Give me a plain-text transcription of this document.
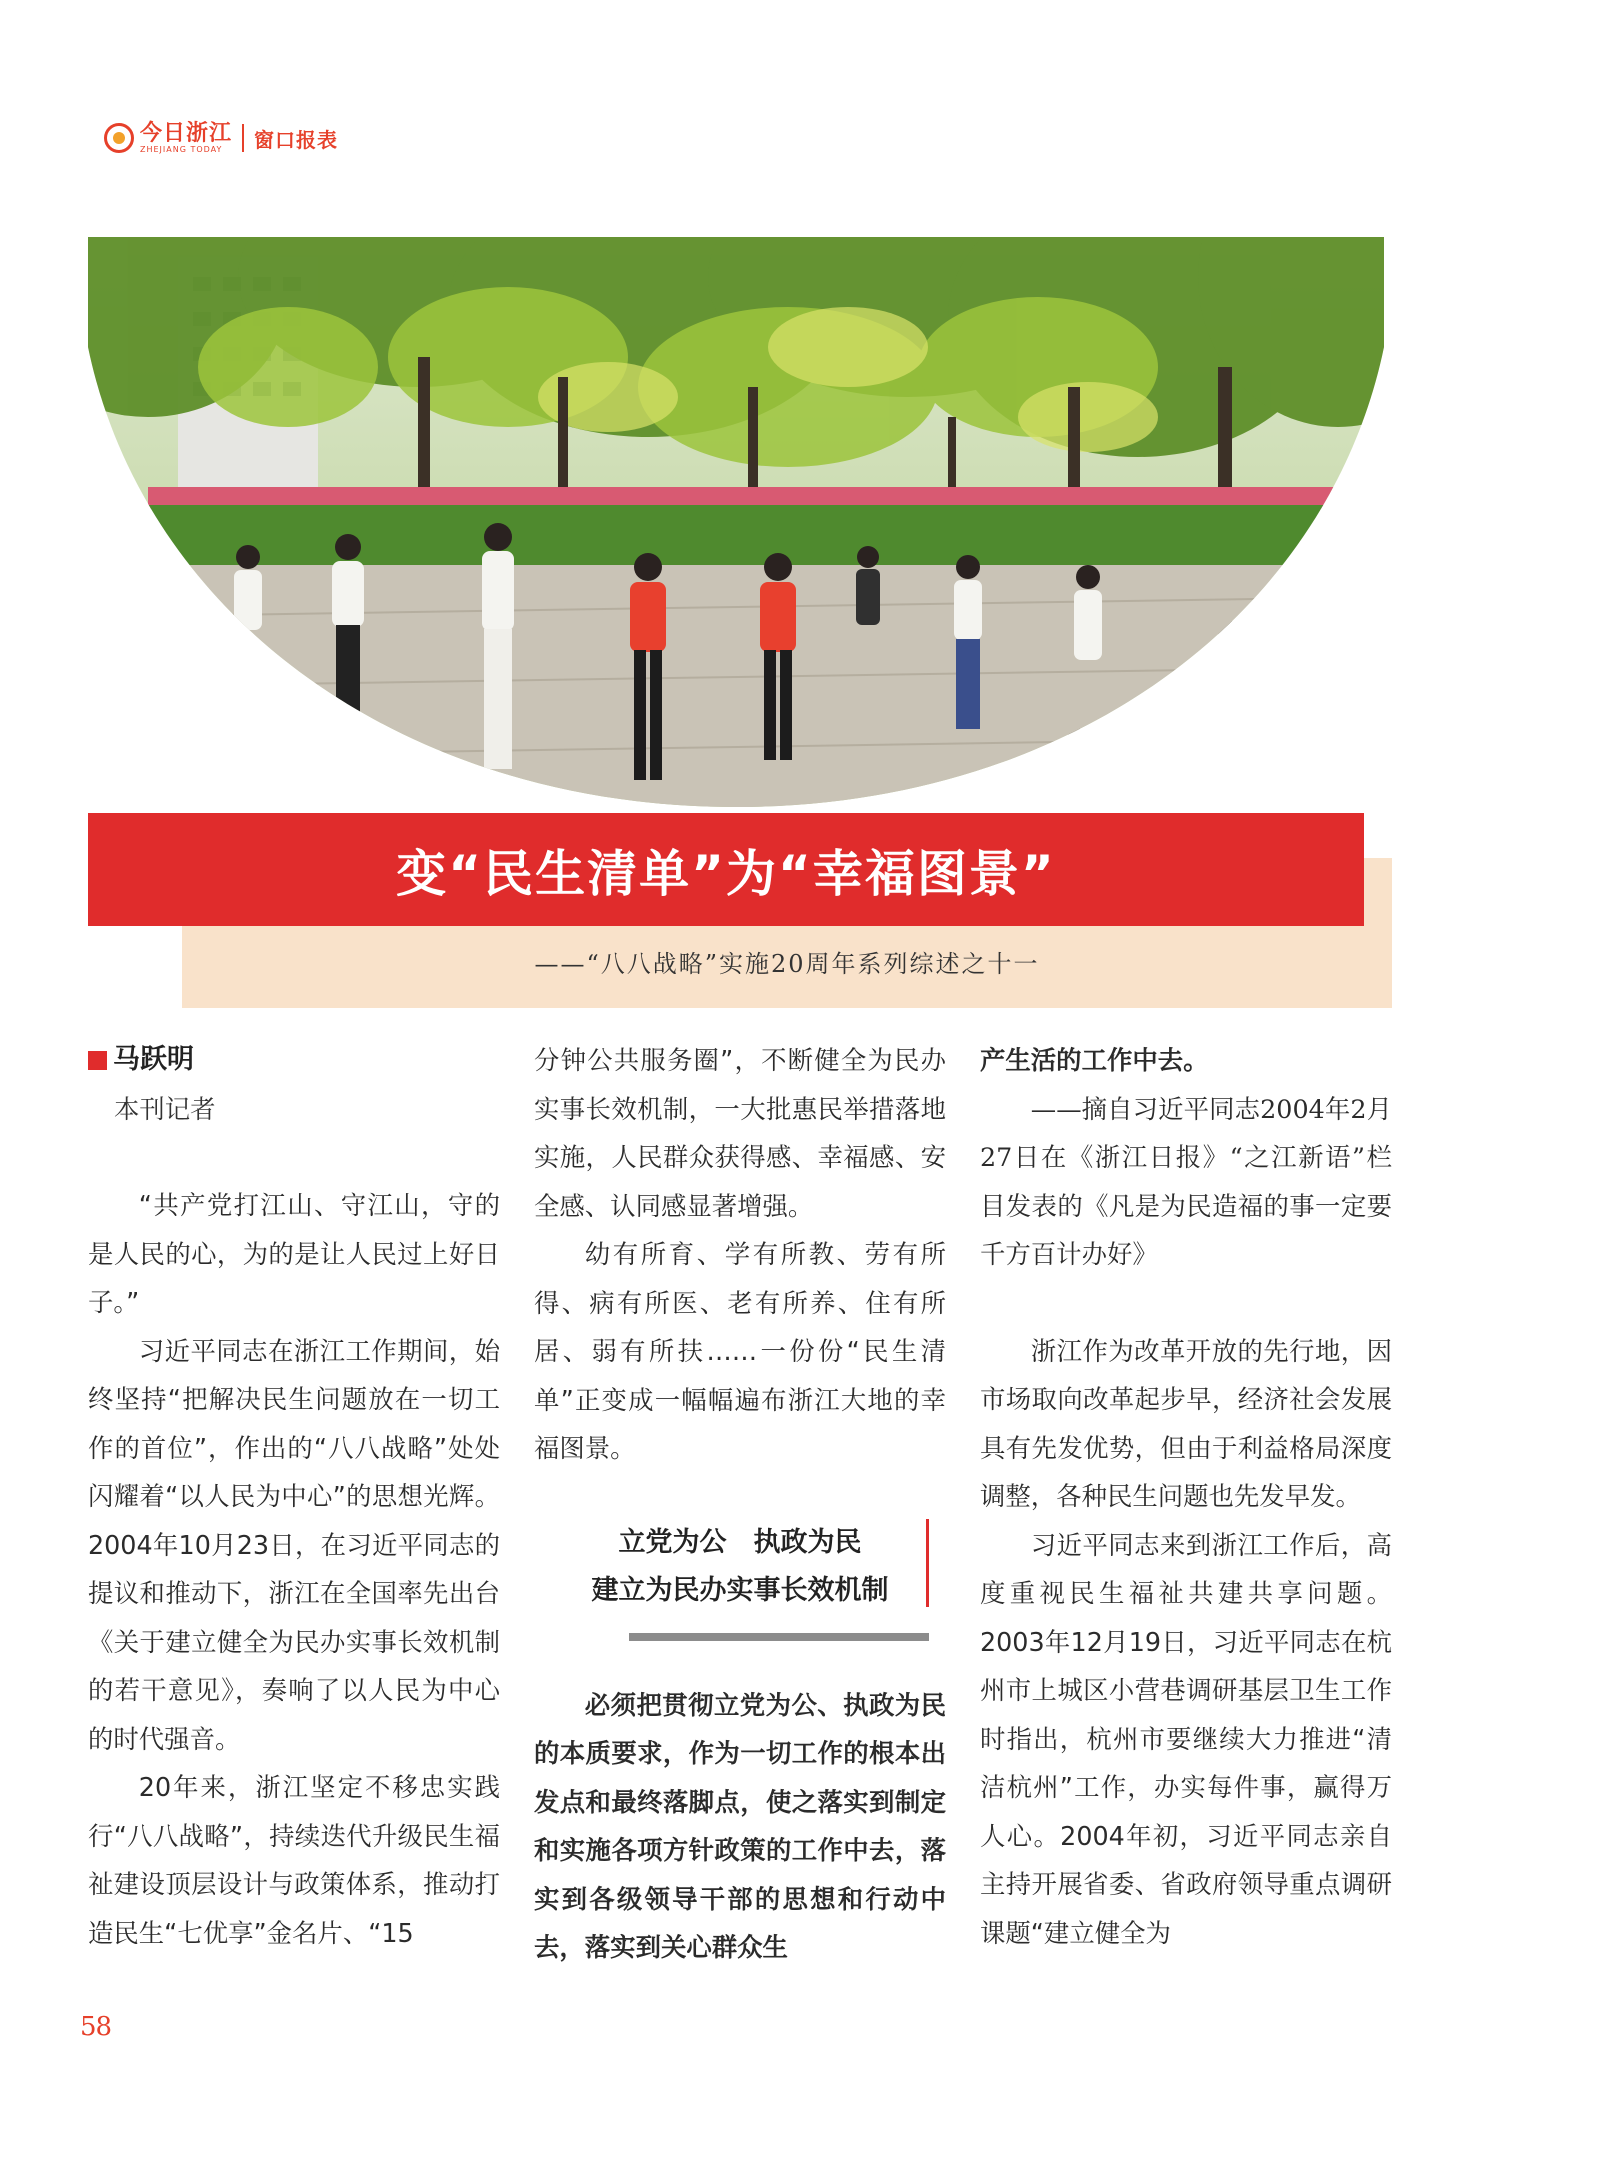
今日浙江
ZHEJIANG TODAY	窗口报表
变“民生清单”为“幸福图景”
——“八八战略”实施20周年系列综述之十一
马跃明
本刊记者

“共产党打江山、守江山，守的是人民的心，为的是让人民过上好日子。”

习近平同志在浙江工作期间，始终坚持“把解决民生问题放在一切工作的首位”，作出的“八八战略”处处闪耀着“以人民为中心”的思想光辉。2004年10月23日，在习近平同志的提议和推动下，浙江在全国率先出台《关于建立健全为民办实事长效机制的若干意见》，奏响了以人民为中心的时代强音。

20年来，浙江坚定不移忠实践行“八八战略”，持续迭代升级民生福祉建设顶层设计与政策体系，推动打造民生“七优享”金名片、“15

分钟公共服务圈”，不断健全为民办实事长效机制，一大批惠民举措落地实施，人民群众获得感、幸福感、安全感、认同感显著增强。

幼有所育、学有所教、劳有所得、病有所医、老有所养、住有所居、弱有所扶……一份份“民生清单”正变成一幅幅遍布浙江大地的幸福图景。

立党为公　执政为民
建立为民办实事长效机制

必须把贯彻立党为公、执政为民的本质要求，作为一切工作的根本出发点和最终落脚点，使之落实到制定和实施各项方针政策的工作中去，落实到各级领导干部的思想和行动中去，落实到关心群众生

产生活的工作中去。

——摘自习近平同志2004年2月27日在《浙江日报》“之江新语”栏目发表的《凡是为民造福的事一定要千方百计办好》

浙江作为改革开放的先行地，因市场取向改革起步早，经济社会发展具有先发优势，但由于利益格局深度调整，各种民生问题也先发早发。

习近平同志来到浙江工作后，高度重视民生福祉共建共享问题。2003年12月19日，习近平同志在杭州市上城区小营巷调研基层卫生工作时指出，杭州市要继续大力推进“清洁杭州”工作，办实每件事，赢得万人心。2004年初，习近平同志亲自主持开展省委、省政府领导重点调研课题“建立健全为

58
